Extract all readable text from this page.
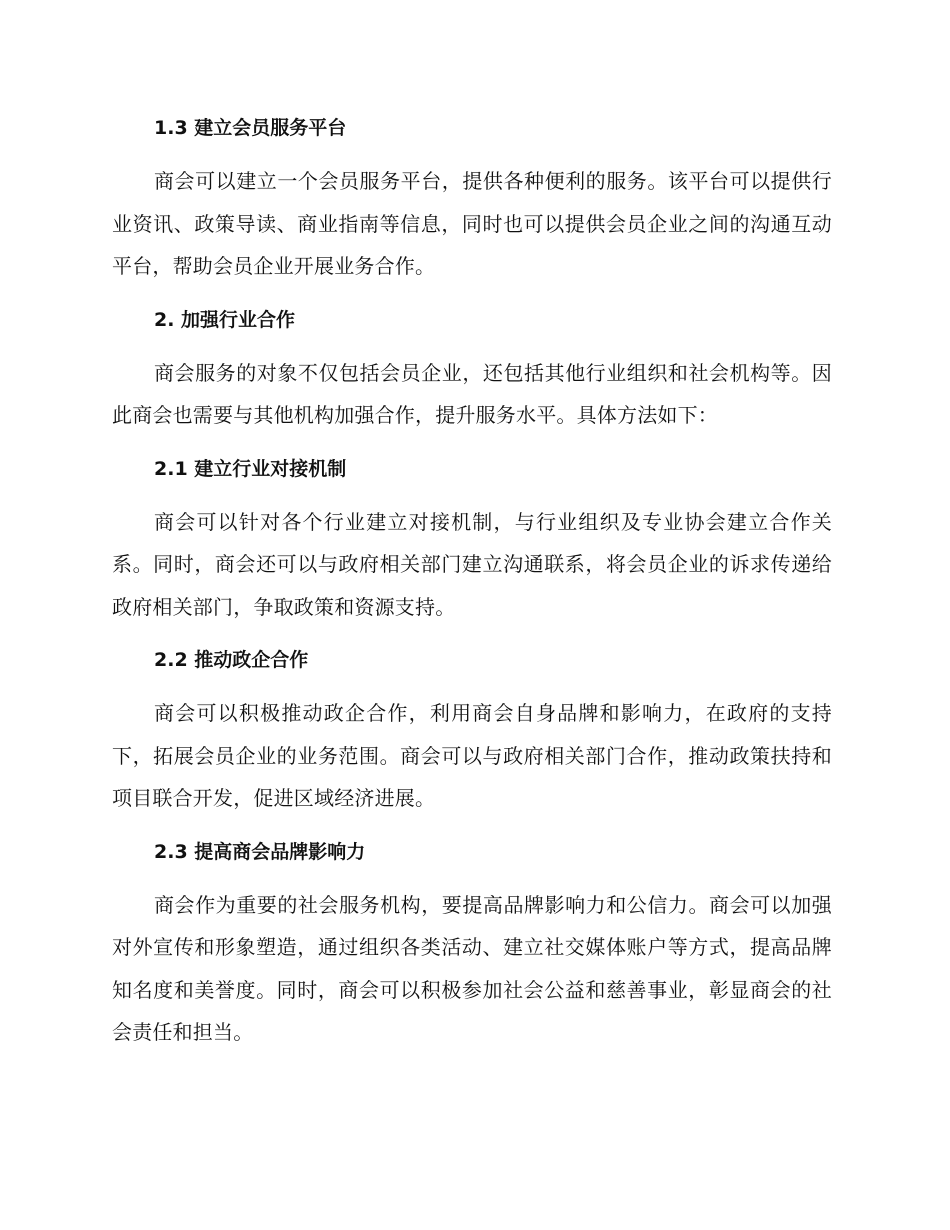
1.3 建立会员服务平台

商会可以建立一个会员服务平台，提供各种便利的服务。该平台可以提供行业资讯、政策导读、商业指南等信息，同时也可以提供会员企业之间的沟通互动平台，帮助会员企业开展业务合作。

2. 加强行业合作

商会服务的对象不仅包括会员企业，还包括其他行业组织和社会机构等。因此商会也需要与其他机构加强合作，提升服务水平。具体方法如下：

2.1 建立行业对接机制

商会可以针对各个行业建立对接机制，与行业组织及专业协会建立合作关系。同时，商会还可以与政府相关部门建立沟通联系，将会员企业的诉求传递给政府相关部门，争取政策和资源支持。

2.2 推动政企合作

商会可以积极推动政企合作，利用商会自身品牌和影响力，在政府的支持下，拓展会员企业的业务范围。商会可以与政府相关部门合作，推动政策扶持和项目联合开发，促进区域经济进展。

2.3 提高商会品牌影响力

商会作为重要的社会服务机构，要提高品牌影响力和公信力。商会可以加强对外宣传和形象塑造，通过组织各类活动、建立社交媒体账户等方式，提高品牌知名度和美誉度。同时，商会可以积极参加社会公益和慈善事业，彰显商会的社会责任和担当。
